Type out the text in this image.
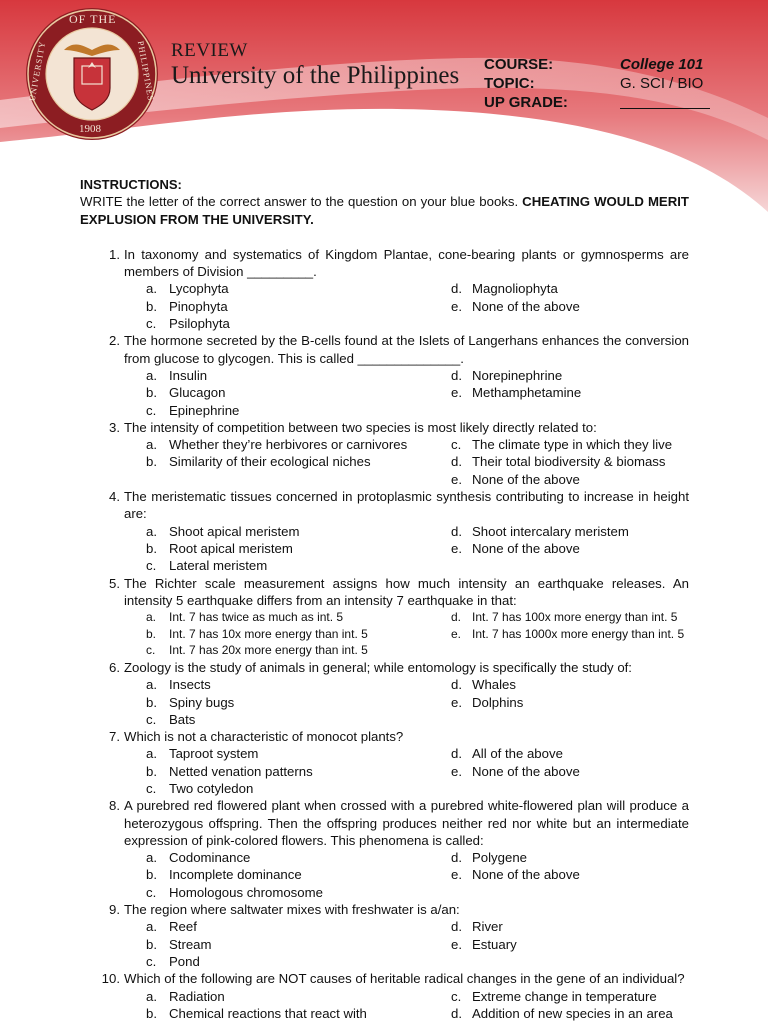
OF THE
1908
UNIVERSITY	PHILIPPINES REVIEW
University of the Philippines COURSE:
TOPIC:
UP GRADE:
College 101
G. SCI / BIO
INSTRUCTIONS:
WRITE the letter of the correct answer to the question on your blue books. CHEATING WOULD MERIT EXPLUSION FROM THE UNIVERSITY.
1. In taxonomy and systematics of Kingdom Plantae, cone-bearing plants or gymnosperms are members of Division _________.
a. Lycophyta
b. Pinophyta
c. Psilophyta
d. Magnoliophyta
e. None of the above
2. The hormone secreted by the B-cells found at the Islets of Langerhans enhances the conversion from glucose to glycogen. This is called ______________.
a. Insulin
b. Glucagon
c. Epinephrine
d. Norepinephrine
e. Methamphetamine
3. The intensity of competition between two species is most likely directly related to:
a. Whether they’re herbivores or carnivores
b. Similarity of their ecological niches
c. The climate type in which they live
d. Their total biodiversity & biomass
e. None of the above
4. The meristematic tissues concerned in protoplasmic synthesis contributing to increase in height are:
a. Shoot apical meristem
b. Root apical meristem
c. Lateral meristem
d. Shoot intercalary meristem
e. None of the above
5. The Richter scale measurement assigns how much intensity an earthquake releases. An intensity 5 earthquake differs from an intensity 7 earthquake in that:
a. Int. 7 has twice as much as int. 5
b. Int. 7 has 10x more energy than int. 5
c. Int. 7 has 20x more energy than int. 5
d. Int. 7 has 100x more energy than int. 5
e. Int. 7 has 1000x more energy than int. 5
6. Zoology is the study of animals in general; while entomology is specifically the study of:
a. Insects
b. Spiny bugs
c. Bats
d. Whales
e. Dolphins
7. Which is not a characteristic of monocot plants?
a. Taproot system
b. Netted venation patterns
c. Two cotyledon
d. All of the above
e. None of the above
8. A purebred red flowered plant when crossed with a purebred white-flowered plan will produce a heterozygous offspring. Then the offspring produces neither red nor white but an intermediate expression of pink-colored flowers. This phenomena is called:
a. Codominance
b. Incomplete dominance
c. Homologous chromosome
d. Polygene
e. None of the above
9. The region where saltwater mixes with freshwater is a/an:
a. Reef
b. Stream
c. Pond
d. River
e. Estuary
10. Which of the following are NOT causes of heritable radical changes in the gene of an individual?
a. Radiation
b. Chemical reactions that react with
c. Extreme change in temperature
d. Addition of new species in an area
